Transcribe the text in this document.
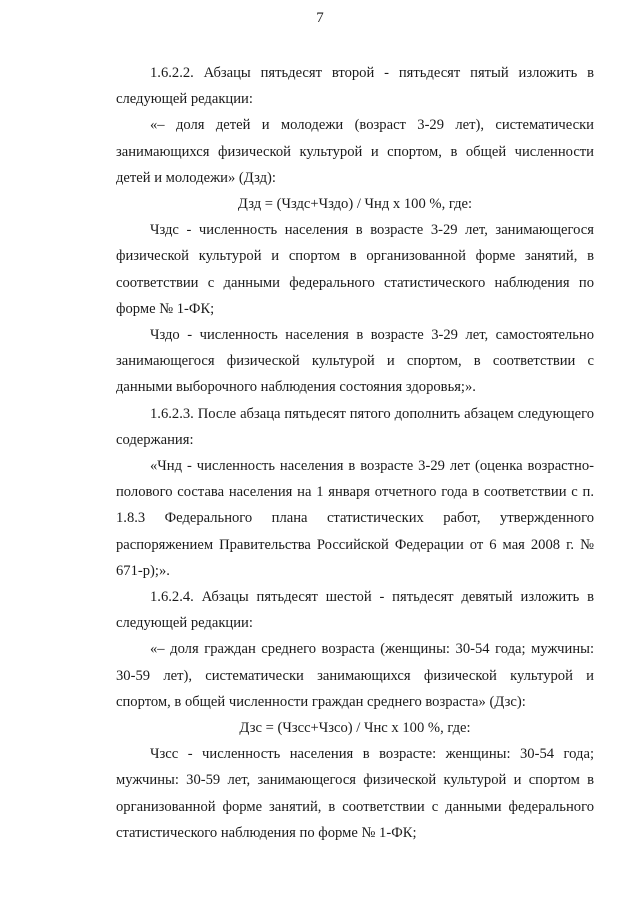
7

1.6.2.2. Абзацы пятьдесят второй - пятьдесят пятый изложить в следующей редакции:

«– доля детей и молодежи (возраст 3-29 лет), систематически занимающихся физической культурой и спортом, в общей численности детей и молодежи» (Дзд):

Дзд = (Чздс+Чздо) / Чнд х 100 %, где:

Чздс - численность населения в возрасте 3-29 лет, занимающегося физической культурой и спортом в организованной форме занятий, в соответствии с данными федерального статистического наблюдения по форме № 1-ФК;

Чздо - численность населения в возрасте 3-29 лет, самостоятельно занимающегося физической культурой и спортом, в соответствии с данными выборочного наблюдения состояния здоровья;».

1.6.2.3. После абзаца пятьдесят пятого дополнить абзацем следующего содержания:

«Чнд - численность населения в возрасте 3-29 лет (оценка возрастно-полового состава населения на 1 января отчетного года в соответствии с п. 1.8.3 Федерального плана статистических работ, утвержденного распоряжением Правительства Российской Федерации от 6 мая 2008 г. № 671-р);».

1.6.2.4. Абзацы пятьдесят шестой - пятьдесят девятый изложить в следующей редакции:

«– доля граждан среднего возраста (женщины: 30-54 года; мужчины: 30-59 лет), систематически занимающихся физической культурой и спортом, в общей численности граждан среднего возраста» (Дзс):

Дзс = (Чзсс+Чзсо) / Чнс х 100 %, где:

Чзсс - численность населения в возрасте: женщины: 30-54 года; мужчины: 30-59 лет, занимающегося физической культурой и спортом в организованной форме занятий, в соответствии с данными федерального статистического наблюдения по форме № 1-ФК;
